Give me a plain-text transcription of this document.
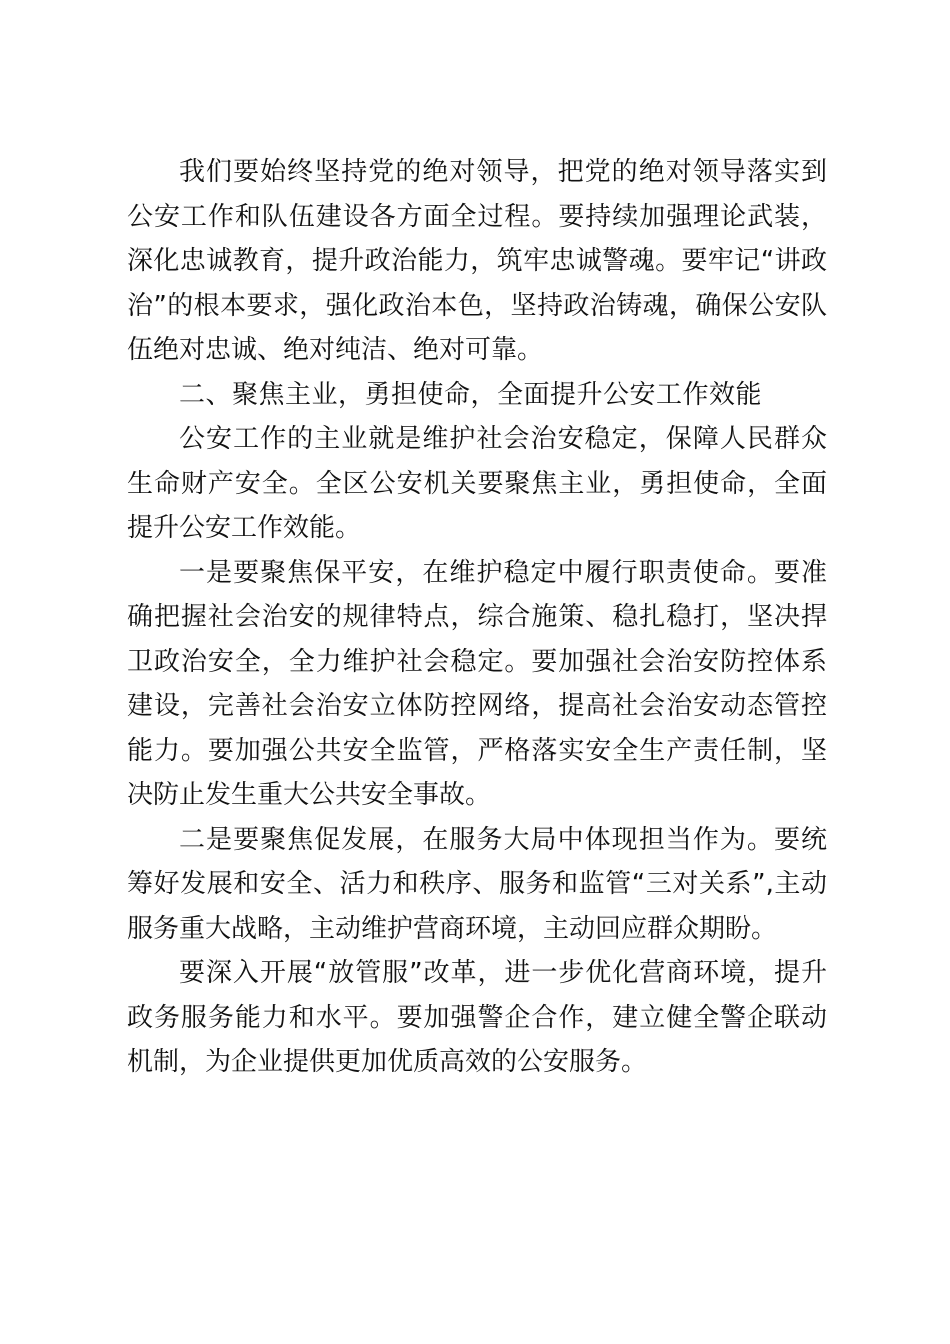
我们要始终坚持党的绝对领导，把党的绝对领导落实到公安工作和队伍建设各方面全过程。要持续加强理论武装，深化忠诚教育，提升政治能力，筑牢忠诚警魂。要牢记“讲政治”的根本要求，强化政治本色，坚持政治铸魂，确保公安队伍绝对忠诚、绝对纯洁、绝对可靠。

二、聚焦主业，勇担使命，全面提升公安工作效能

公安工作的主业就是维护社会治安稳定，保障人民群众生命财产安全。全区公安机关要聚焦主业，勇担使命，全面提升公安工作效能。

一是要聚焦保平安，在维护稳定中履行职责使命。要准确把握社会治安的规律特点，综合施策、稳扎稳打，坚决捍卫政治安全，全力维护社会稳定。要加强社会治安防控体系建设，完善社会治安立体防控网络，提高社会治安动态管控能力。要加强公共安全监管，严格落实安全生产责任制，坚决防止发生重大公共安全事故。

二是要聚焦促发展，在服务大局中体现担当作为。要统筹好发展和安全、活力和秩序、服务和监管“三对关系”,主动服务重大战略，主动维护营商环境，主动回应群众期盼。

要深入开展“放管服”改革，进一步优化营商环境，提升政务服务能力和水平。要加强警企合作，建立健全警企联动机制，为企业提供更加优质高效的公安服务。
